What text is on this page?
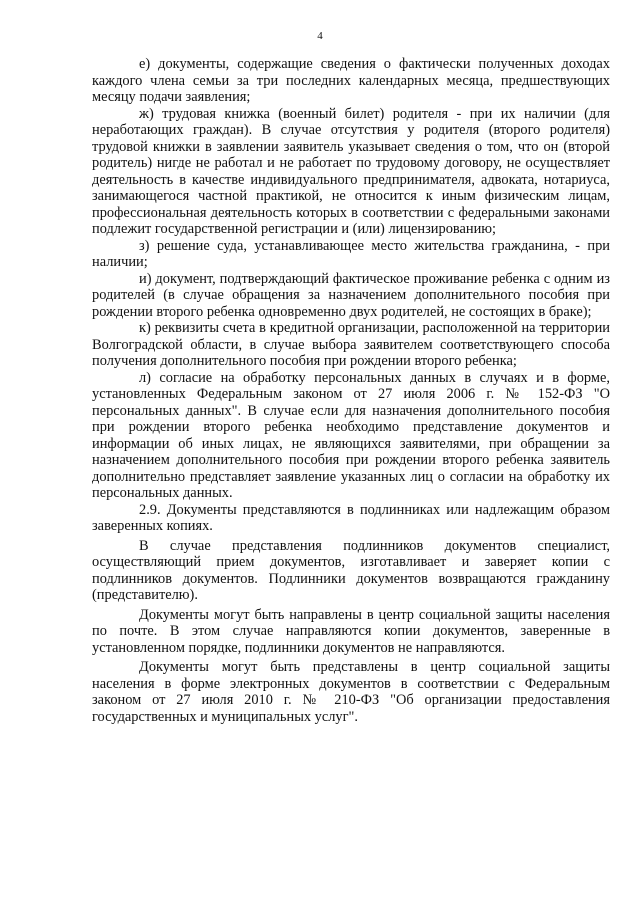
4

е) документы, содержащие сведения о фактически полученных доходах каждого члена семьи за три последних календарных месяца, предшествующих месяцу подачи заявления;

ж) трудовая книжка (военный билет) родителя - при их наличии (для неработающих граждан). В случае отсутствия у родителя (второго родителя) трудовой книжки в заявлении заявитель указывает сведения о том, что он (второй родитель) нигде не работал и не работает по трудовому договору, не осуществляет деятельность в качестве индивидуального предпринимателя, адвоката, нотариуса, занимающегося частной практикой, не относится к иным физическим лицам, профессиональная деятельность которых в соответствии с федеральными законами подлежит государственной регистрации и (или) лицензированию;

з) решение суда, устанавливающее место жительства гражданина, - при наличии;

и) документ, подтверждающий фактическое проживание ребенка с одним из родителей (в случае обращения за назначением дополнительного пособия при рождении второго ребенка одновременно двух родителей, не состоящих в браке);

к) реквизиты счета в кредитной организации, расположенной на территории Волгоградской области, в случае выбора заявителем соответствующего способа получения дополнительного пособия при рождении второго ребенка;

л) согласие на обработку персональных данных в случаях и в форме, установленных Федеральным законом от 27 июля 2006 г. № 152-ФЗ "О персональных данных". В случае если для назначения дополнительного пособия при рождении второго ребенка необходимо представление документов и информации об иных лицах, не являющихся заявителями, при обращении за назначением дополнительного пособия при рождении второго ребенка заявитель дополнительно представляет заявление указанных лиц о согласии на обработку их персональных данных.

2.9. Документы представляются в подлинниках или надлежащим образом заверенных копиях.

В случае представления подлинников документов специалист, осуществляющий прием документов, изготавливает и заверяет копии с подлинников документов. Подлинники документов возвращаются гражданину (представителю).

Документы могут быть направлены в центр социальной защиты населения по почте. В этом случае направляются копии документов, заверенные в установленном порядке, подлинники документов не направляются.

Документы могут быть представлены в центр социальной защиты населения в форме электронных документов в соответствии с Федеральным законом от 27 июля 2010 г. № 210-ФЗ "Об организации предоставления государственных и муниципальных услуг".
